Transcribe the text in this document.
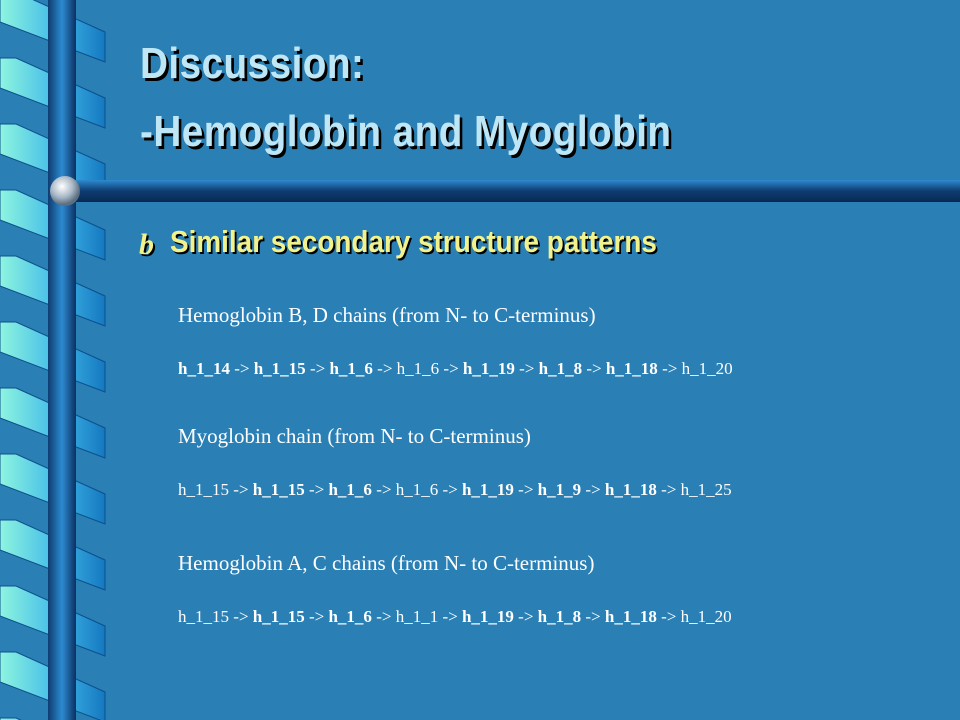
Discussion:
-Hemoglobin and Myoglobin
b Similar secondary structure patterns
Hemoglobin B, D chains (from N- to C-terminus)
h_1_14 -> h_1_15 -> h_1_6 -> h_1_6 -> h_1_19 -> h_1_8 -> h_1_18 -> h_1_20
Myoglobin chain (from N- to C-terminus)
h_1_15 -> h_1_15 -> h_1_6 -> h_1_6 -> h_1_19 -> h_1_9 -> h_1_18 -> h_1_25
Hemoglobin A, C chains (from N- to C-terminus)
h_1_15 -> h_1_15 -> h_1_6 -> h_1_1 -> h_1_19 -> h_1_8 -> h_1_18 -> h_1_20
